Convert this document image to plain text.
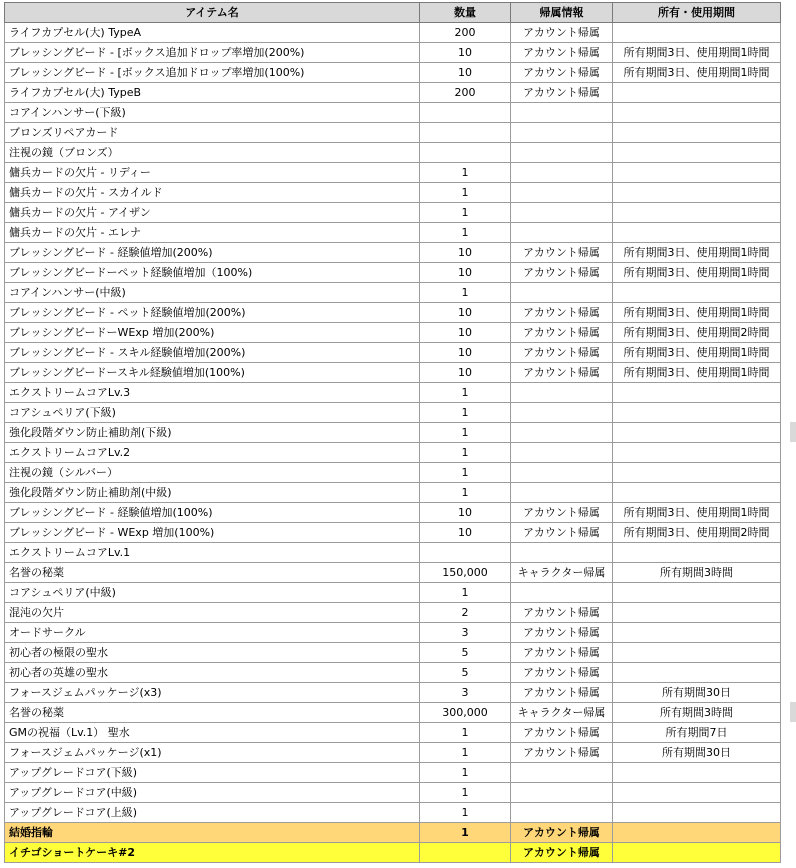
アイテム名	数量	帰属情報	所有・使用期間
ライフカプセル(大) TypeA	200	アカウント帰属	
ブレッシングビード - [ボックス追加ドロップ率増加(200%)	10	アカウント帰属	所有期間3日、使用期間1時間
ブレッシングビード - [ボックス追加ドロップ率増加(100%)	10	アカウント帰属	所有期間3日、使用期間1時間
ライフカプセル(大) TypeB	200	アカウント帰属	
コアインハンサー(下級)			
ブロンズリペアカード			
注視の鏡（ブロンズ）			
傭兵カードの欠片 - リディー	1		
傭兵カードの欠片 - スカイルド	1		
傭兵カードの欠片 - アイザン	1		
傭兵カードの欠片 - エレナ	1		
ブレッシングビード - 経験値増加(200%)	10	アカウント帰属	所有期間3日、使用期間1時間
ブレッシングビードーペット経験値増加（100%)	10	アカウント帰属	所有期間3日、使用期間1時間
コアインハンサー(中級)	1		
ブレッシングビード - ペット経験値増加(200%)	10	アカウント帰属	所有期間3日、使用期間1時間
ブレッシングビードーWExp 増加(200%)	10	アカウント帰属	所有期間3日、使用期間2時間
ブレッシングビード - スキル経験値増加(200%)	10	アカウント帰属	所有期間3日、使用期間1時間
ブレッシングビードースキル経験値増加(100%)	10	アカウント帰属	所有期間3日、使用期間1時間
エクストリームコアLv.3	1		
コアシュペリア(下級)	1		
強化段階ダウン防止補助剤(下級)	1		
エクストリームコアLv.2	1		
注視の鏡（シルバー）	1		
強化段階ダウン防止補助剤(中級)	1		
ブレッシングビード - 経験値増加(100%)	10	アカウント帰属	所有期間3日、使用期間1時間
ブレッシングビード - WExp 増加(100%)	10	アカウント帰属	所有期間3日、使用期間2時間
エクストリームコアLv.1			
名誉の秘薬	150,000	キャラクター帰属	所有期間3時間
コアシュペリア(中級)	1		
混沌の欠片	2	アカウント帰属	
オードサークル	3	アカウント帰属	
初心者の極限の聖水	5	アカウント帰属	
初心者の英雄の聖水	5	アカウント帰属	
フォースジェムパッケージ(x3)	3	アカウント帰属	所有期間30日
名誉の秘薬	300,000	キャラクター帰属	所有期間3時間
GMの祝福（Lv.1） 聖水	1	アカウント帰属	所有期間7日
フォースジェムパッケージ(x1)	1	アカウント帰属	所有期間30日
アップグレードコア(下級)	1		
アップグレードコア(中級)	1		
アップグレードコア(上級)	1		
結婚指輪	1	アカウント帰属	
イチゴショートケーキ#2		アカウント帰属	
